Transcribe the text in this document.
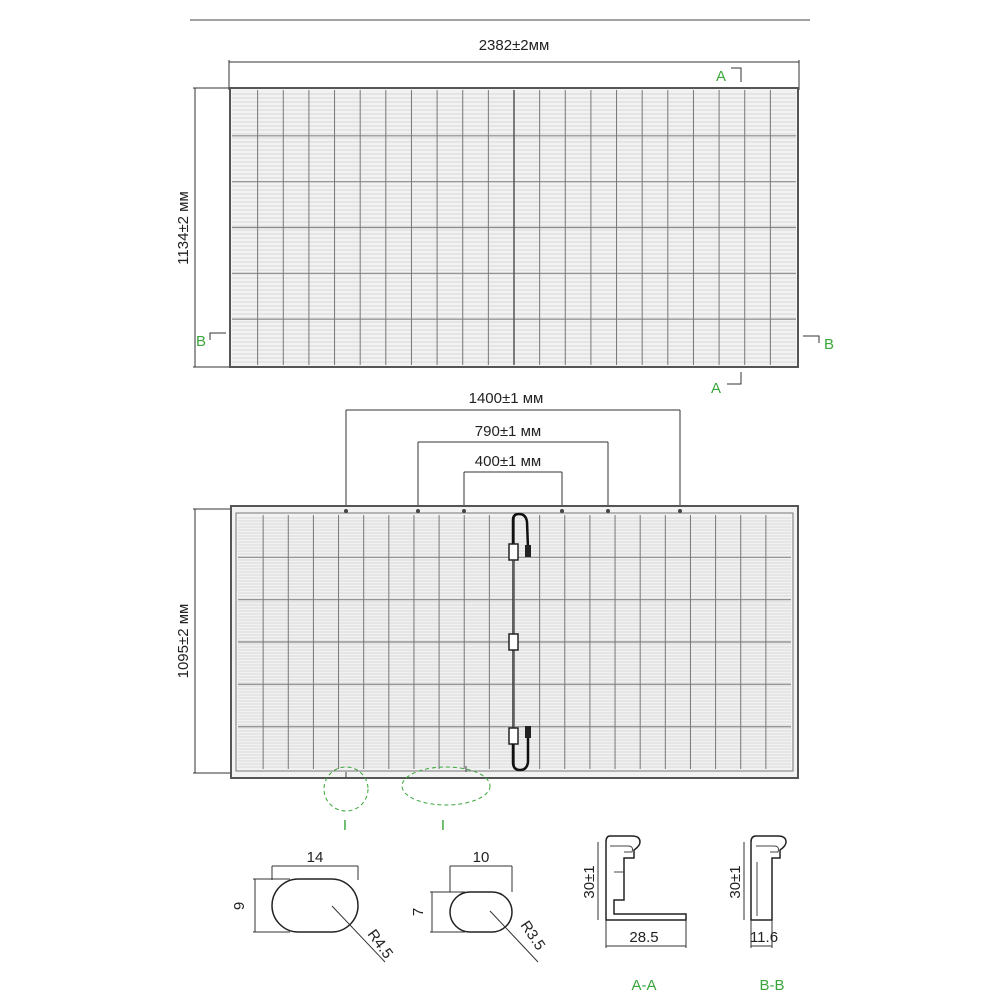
2382±2мм
1134±2 мм
A
A
B	B
1400±1 мм
790±1 мм
400±1 мм
1095±2 мм
I	I
14
9
R4.5
10
7
R3.5
30±1
28.5
A-A
30±1
11.6
B-B
